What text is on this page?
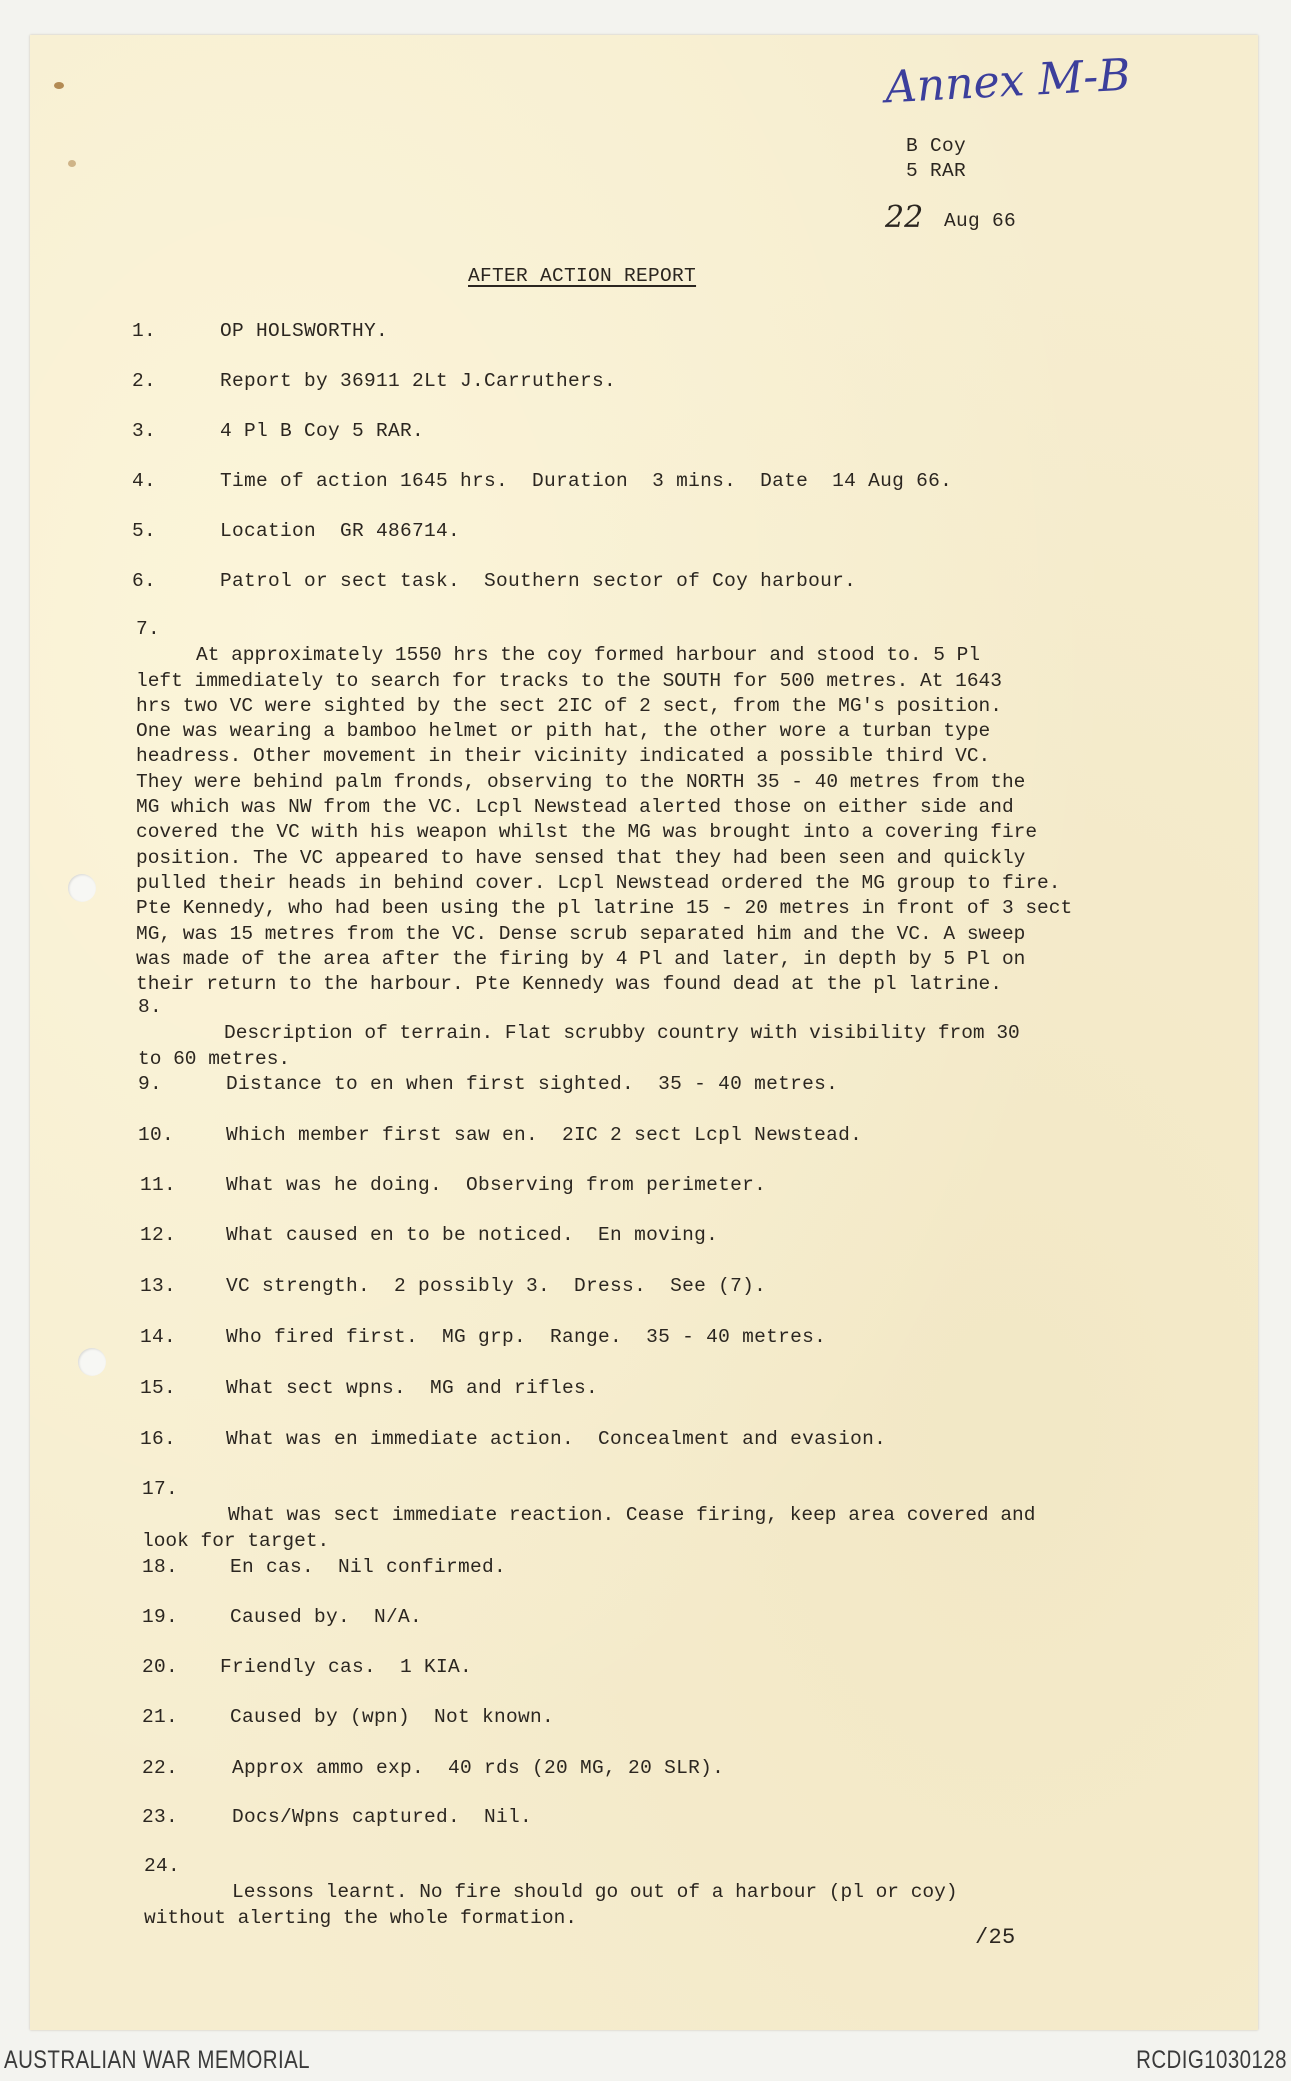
Annex M-B
B Coy
5 RAR
22 Aug 66
AFTER ACTION REPORT
1.	OP HOLSWORTHY.
2.	Report by 36911 2Lt J.Carruthers.
3.	4 Pl B Coy 5 RAR.
4.	Time of action 1645 hrs.  Duration  3 mins.  Date  14 Aug 66.
5.	Location  GR 486714.
6.	Patrol or sect task.  Southern sector of Coy harbour.
7.

At approximately 1550 hrs the coy formed harbour and stood to. 5 Pl
left immediately to search for tracks to the SOUTH for 500 metres. At 1643
hrs two VC were sighted by the sect 2IC of 2 sect, from the MG's position.
One was wearing a bamboo helmet or pith hat, the other wore a turban type
headress. Other movement in their vicinity indicated a possible third VC.
They were behind palm fronds, observing to the NORTH 35 - 40 metres from the
MG which was NW from the VC. Lcpl Newstead alerted those on either side and
covered the VC with his weapon whilst the MG was brought into a covering fire
position. The VC appeared to have sensed that they had been seen and quickly
pulled their heads in behind cover. Lcpl Newstead ordered the MG group to fire.
Pte Kennedy, who had been using the pl latrine 15 - 20 metres in front of 3 sect
MG, was 15 metres from the VC. Dense scrub separated him and the VC. A sweep
was made of the area after the firing by 4 Pl and later, in depth by 5 Pl on
their return to the harbour. Pte Kennedy was found dead at the pl latrine.

8.

Description of terrain. Flat scrubby country with visibility from 30
to 60 metres.

9.	Distance to en when first sighted.  35 - 40 metres.
10.	Which member first saw en.  2IC 2 sect Lcpl Newstead.
11.	What was he doing.  Observing from perimeter.
12.	What caused en to be noticed.  En moving.
13.	VC strength.  2 possibly 3.  Dress.  See (7).
14.	Who fired first.  MG grp.  Range.  35 - 40 metres.
15.	What sect wpns.  MG and rifles.
16.	What was en immediate action.  Concealment and evasion.
17.

What was sect immediate reaction. Cease firing, keep area covered and
look for target.

18.	En cas.  Nil confirmed.
19.	Caused by.  N/A.
20. Friendly cas.  1 KIA.
21.	Caused by (wpn)  Not known.
22.	Approx ammo exp.  40 rds (20 MG, 20 SLR).
23.	Docs/Wpns captured.  Nil.
24.

Lessons learnt. No fire should go out of a harbour (pl or coy)
without alerting the whole formation.

/25
AUSTRALIAN WAR MEMORIAL	RCDIG1030128
